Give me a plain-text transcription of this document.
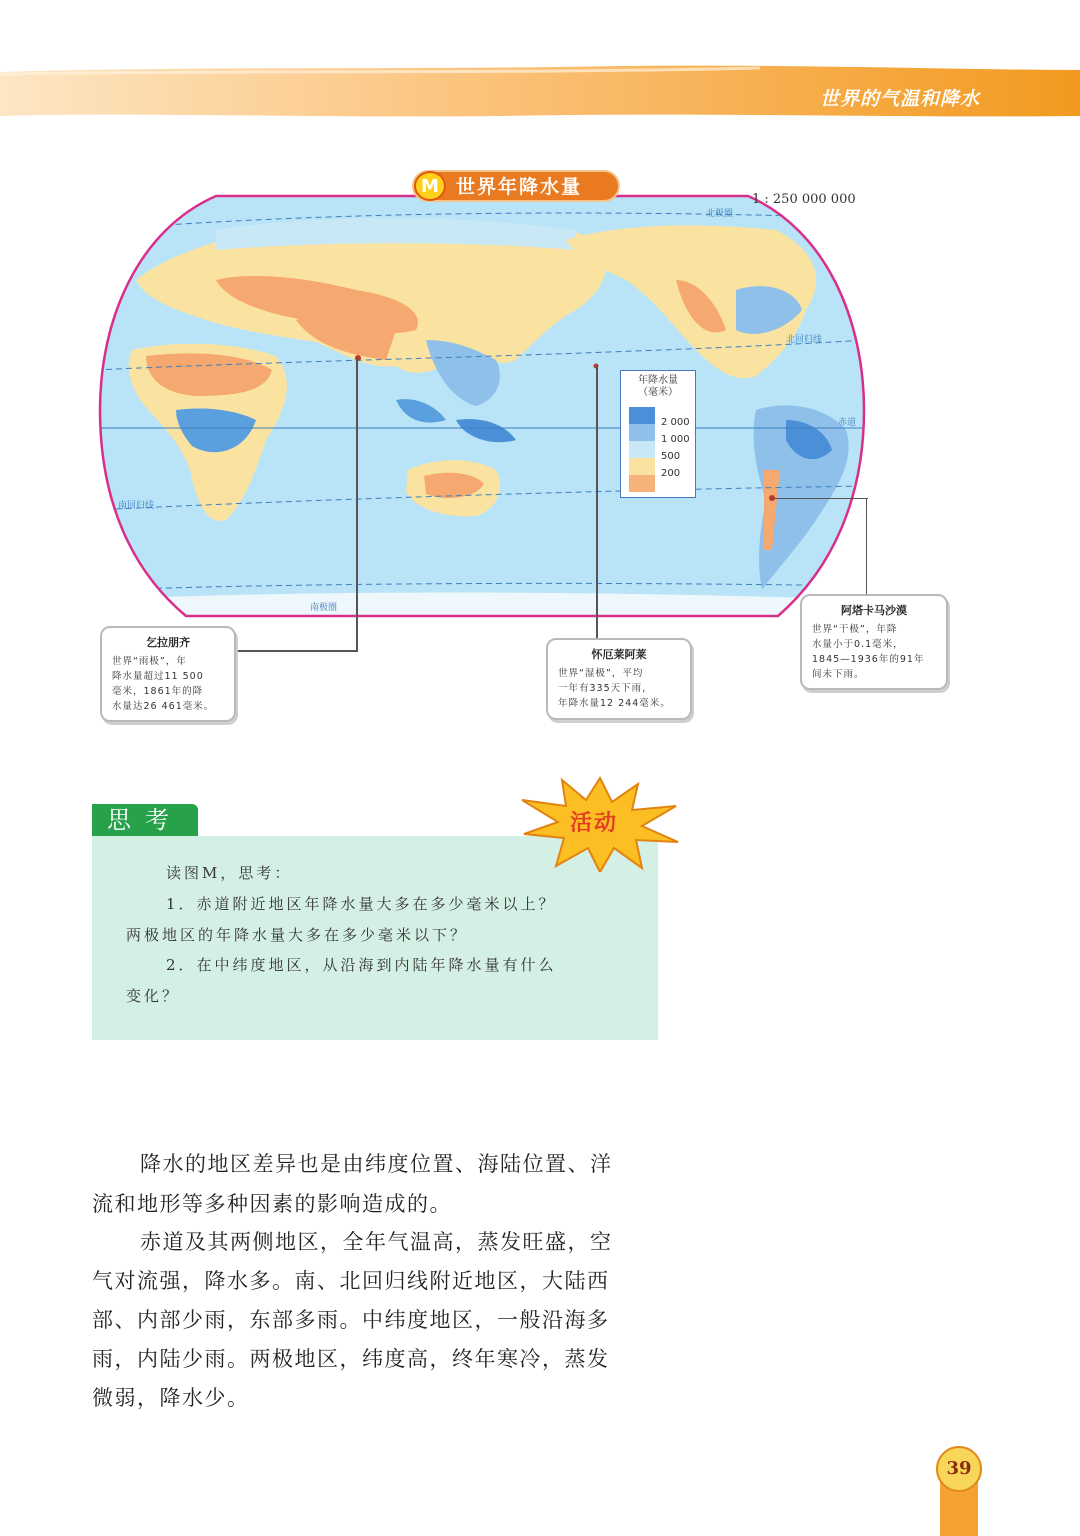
世界的气温和降水
北极圈
北回归线
赤道
南回归线
南极圈
M 世界年降水量
1 : 250 000 000
年降水量
（毫米）
2 000
1 000
500
200
乞拉朋齐
世界“雨极”，年
降水量超过11 500
毫米，1861年的降
水量达26 461毫米。
怀厄莱阿莱
世界“湿极”，平均
一年有335天下雨，
年降水量12 244毫米。
阿塔卡马沙漠
世界“干极”，年降
水量小于0.1毫米，
1845—1936年的91年
间未下雨。
思考	活动
读图M，思考：
1．赤道附近地区年降水量大多在多少毫米以上？
两极地区的年降水量大多在多少毫米以下？
2．在中纬度地区，从沿海到内陆年降水量有什么
变化？
降水的地区差异也是由纬度位置、海陆位置、洋
流和地形等多种因素的影响造成的。
赤道及其两侧地区，全年气温高，蒸发旺盛，空
气对流强，降水多。南、北回归线附近地区，大陆西
部、内部少雨，东部多雨。中纬度地区，一般沿海多
雨，内陆少雨。两极地区，纬度高，终年寒冷，蒸发
微弱，降水少。
39
